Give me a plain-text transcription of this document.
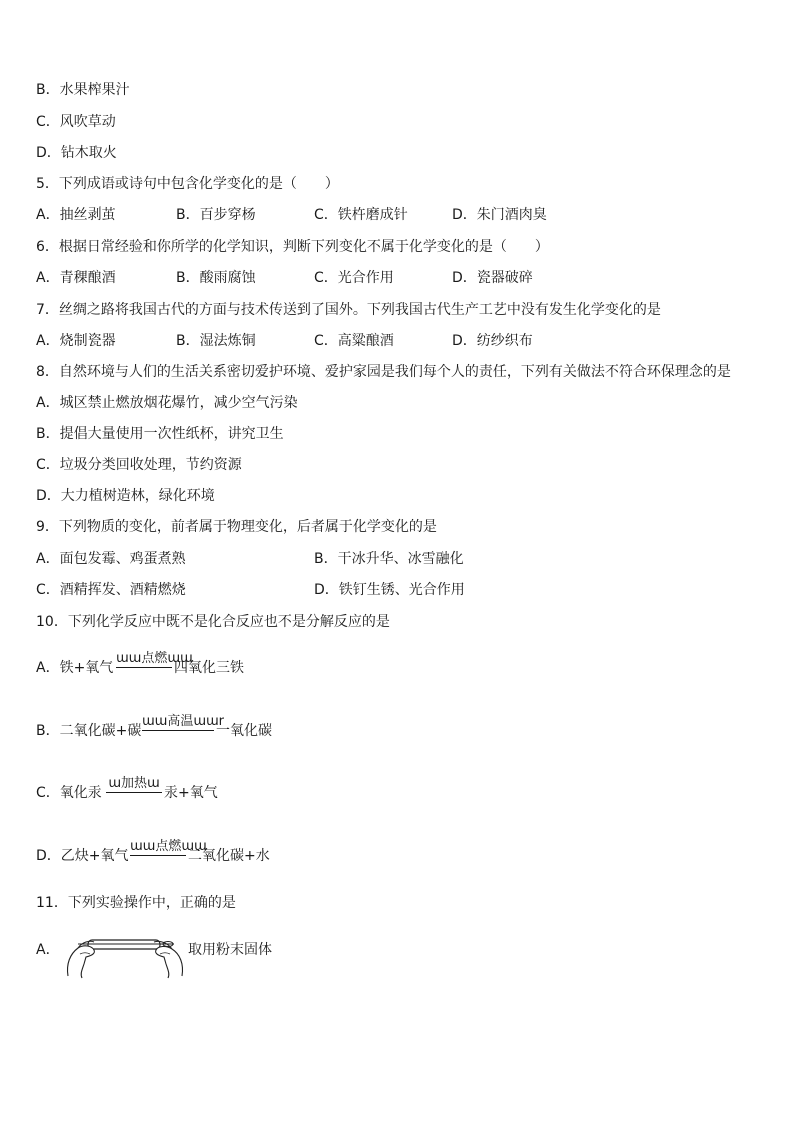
B．水果榨果汁
C．风吹草动
D．钻木取火
5．下列成语或诗句中包含化学变化的是（　　）
A．抽丝剥茧	B．百步穿杨	C．铁杵磨成针	D．朱门酒肉臭
6．根据日常经验和你所学的化学知识，判断下列变化不属于化学变化的是（　　）
A．青稞酿酒	B．酸雨腐蚀	C．光合作用	D．瓷器破碎
7．丝绸之路将我国古代的方面与技术传送到了国外。下列我国古代生产工艺中没有发生化学变化的是
A．烧制瓷器	B．湿法炼铜	C．高粱酿酒	D．纺纱织布
8．自然环境与人们的生活关系密切爱护环境、爱护家园是我们每个人的责任，下列有关做法不符合环保理念的是
A．城区禁止燃放烟花爆竹，减少空气污染
B．提倡大量使用一次性纸杯，讲究卫生
C．垃圾分类回收处理，节约资源
D．大力植树造林，绿化环境
9．下列物质的变化，前者属于物理变化，后者属于化学变化的是
A．面包发霉、鸡蛋煮熟	B．干冰升华、冰雪融化
C．酒精挥发、酒精燃烧	D．铁钉生锈、光合作用
10．下列化学反应中既不是化合反应也不是分解反应的是
A．铁+氧气
ɯɯ点燃ɯɯ
四氧化三铁
B．二氧化碳+碳
ɯɯ高温ɯɯr
一氧化碳
C．氧化汞
ɯ加热ɯ
汞+氧气
D．乙炔+氧气
ɯɯ点燃ɯɯ
二氧化碳+水
11．下列实验操作中，正确的是
A．	取用粉末固体
